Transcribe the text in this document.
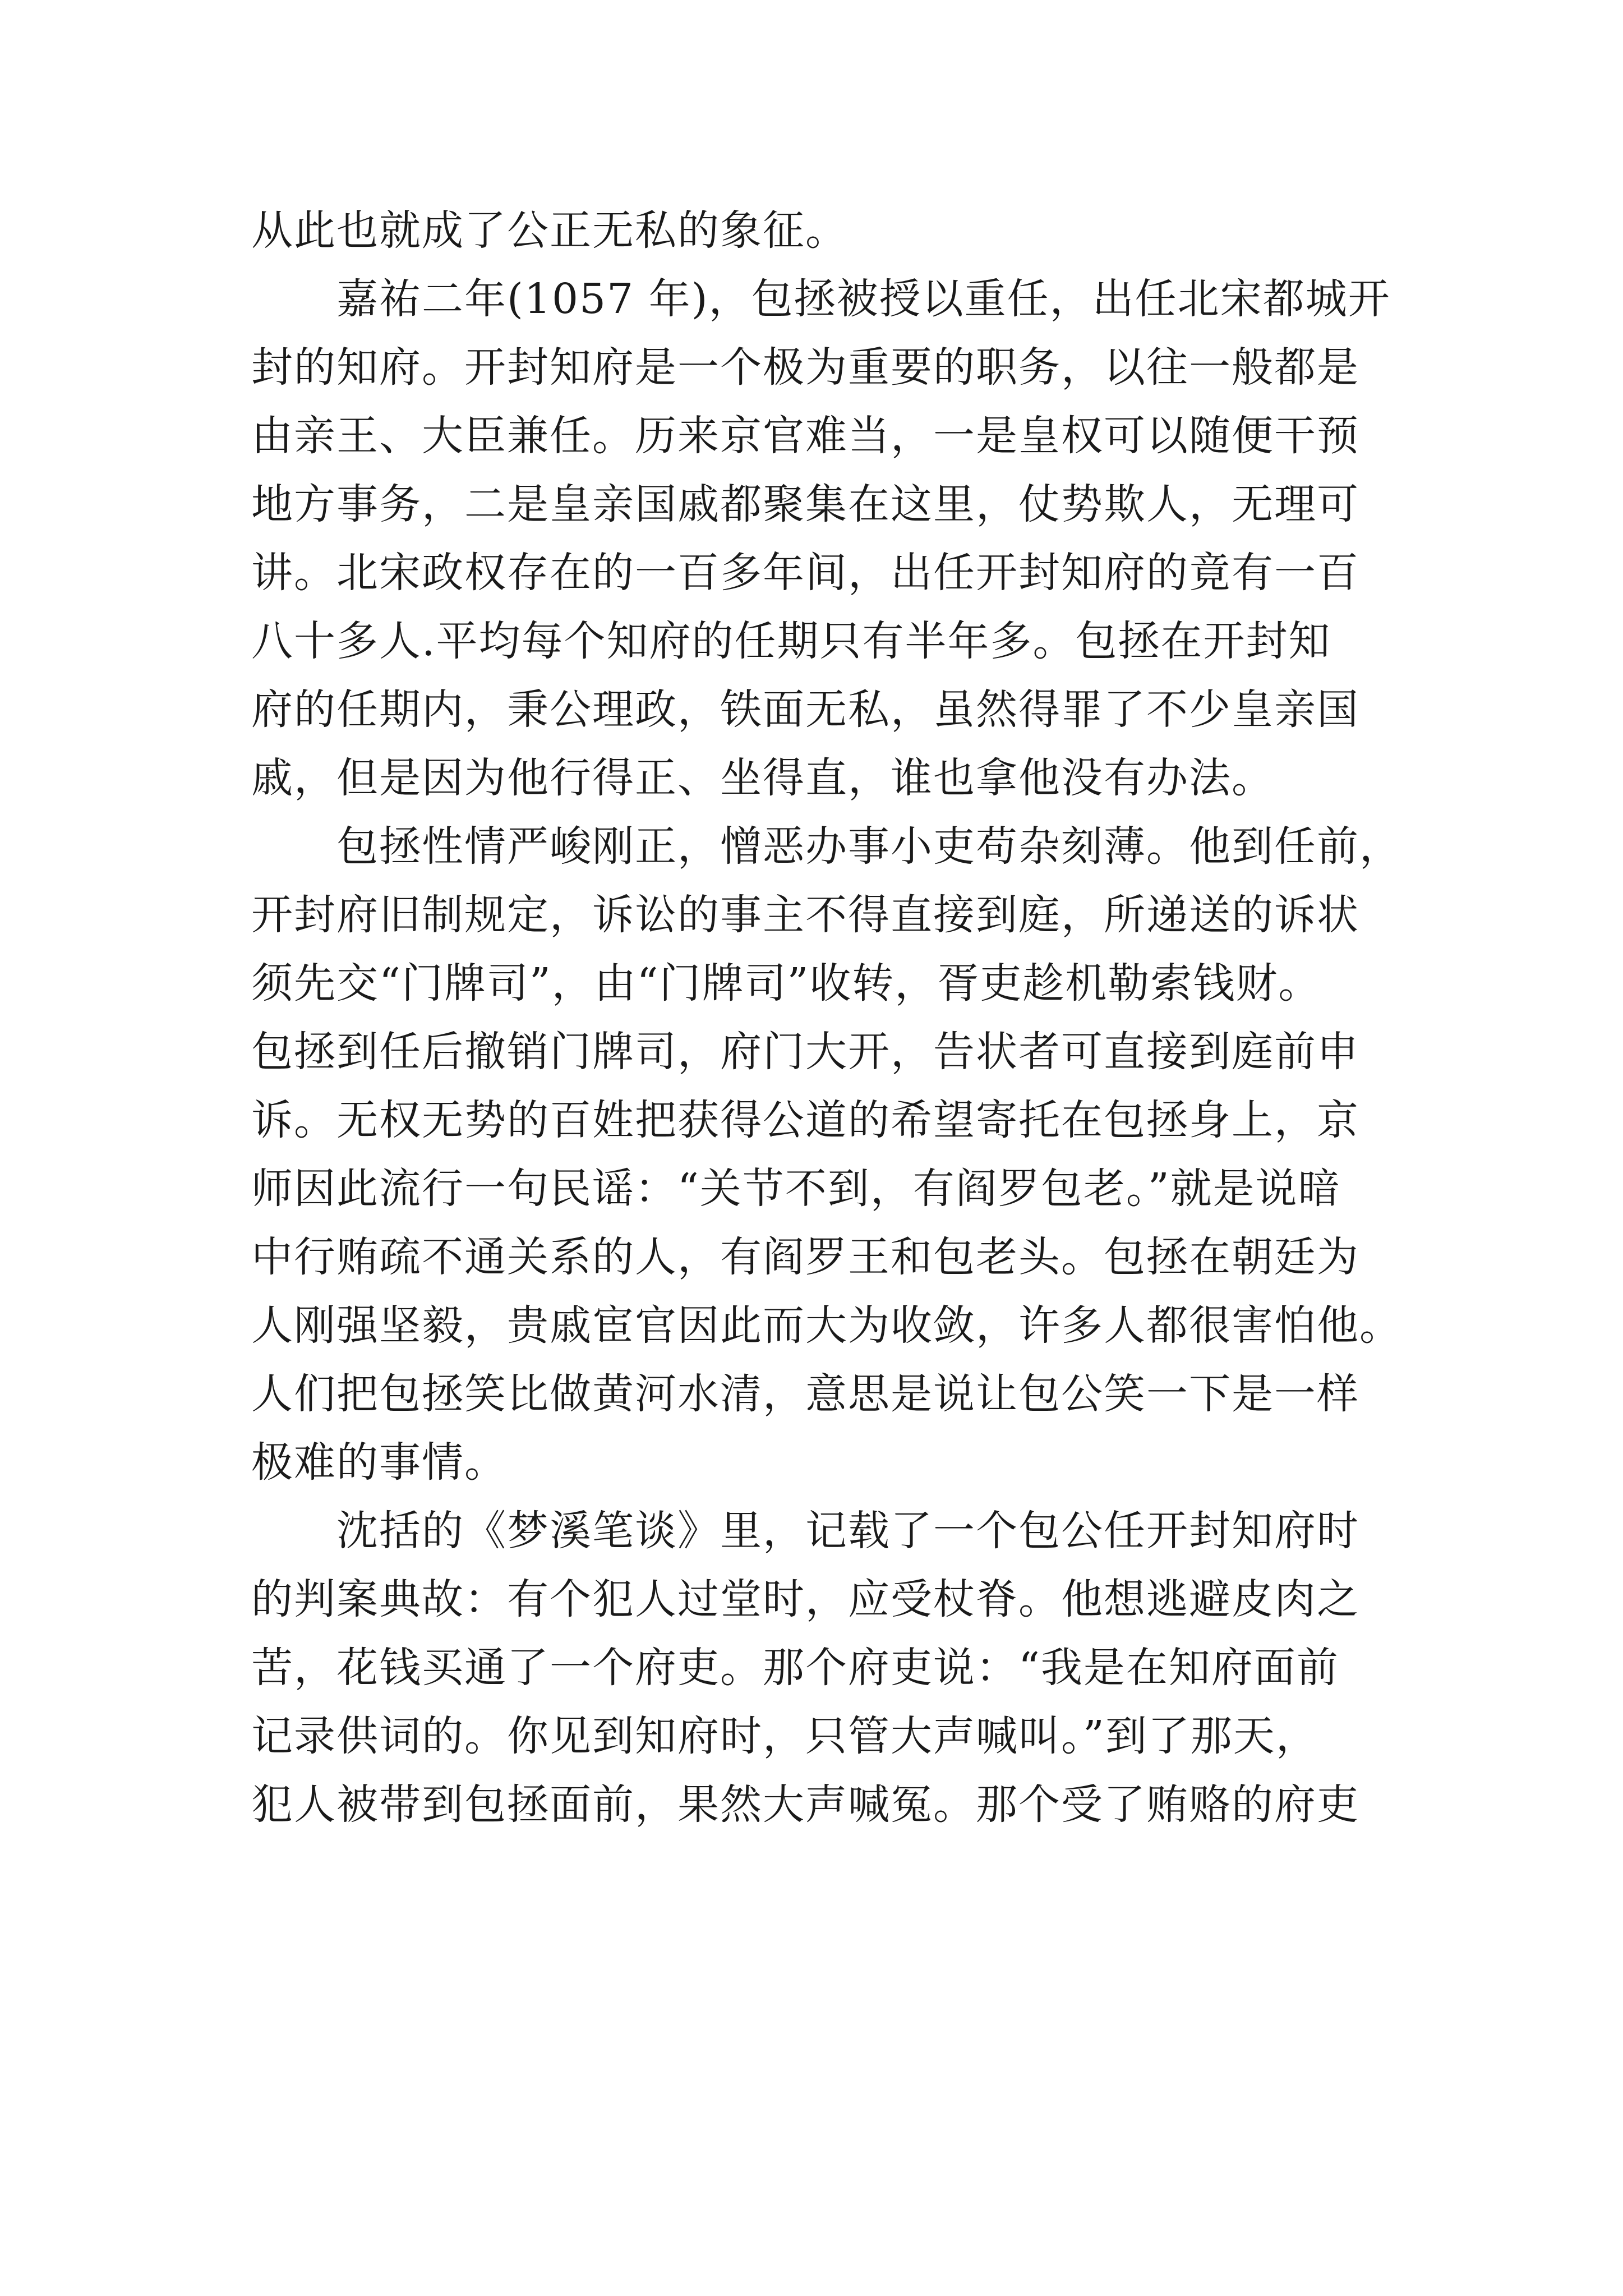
从此也就成了公正无私的象征。
嘉祐二年(1057 年)，包拯被授以重任，出任北宋都城开
封的知府。开封知府是一个极为重要的职务，以往一般都是
由亲王、大臣兼任。历来京官难当，一是皇权可以随便干预
地方事务，二是皇亲国戚都聚集在这里，仗势欺人，无理可
讲。北宋政权存在的一百多年间，出任开封知府的竟有一百
八十多人.平均每个知府的任期只有半年多。包拯在开封知
府的任期内，秉公理政，铁面无私，虽然得罪了不少皇亲国
戚，但是因为他行得正、坐得直，谁也拿他没有办法。
包拯性情严峻刚正，憎恶办事小吏苟杂刻薄。他到任前，
开封府旧制规定，诉讼的事主不得直接到庭，所递送的诉状
须先交“门牌司”，由“门牌司”收转，胥吏趁机勒索钱财。
包拯到任后撤销门牌司，府门大开，告状者可直接到庭前申
诉。无权无势的百姓把获得公道的希望寄托在包拯身上，京
师因此流行一句民谣：“关节不到，有阎罗包老。”就是说暗
中行贿疏不通关系的人，有阎罗王和包老头。包拯在朝廷为
人刚强坚毅，贵戚宦官因此而大为收敛，许多人都很害怕他。
人们把包拯笑比做黄河水清，意思是说让包公笑一下是一样
极难的事情。
沈括的《梦溪笔谈》里，记载了一个包公任开封知府时
的判案典故：有个犯人过堂时，应受杖脊。他想逃避皮肉之
苦，花钱买通了一个府吏。那个府吏说：“我是在知府面前
记录供词的。你见到知府时，只管大声喊叫。”到了那天，
犯人被带到包拯面前，果然大声喊冤。那个受了贿赂的府吏
